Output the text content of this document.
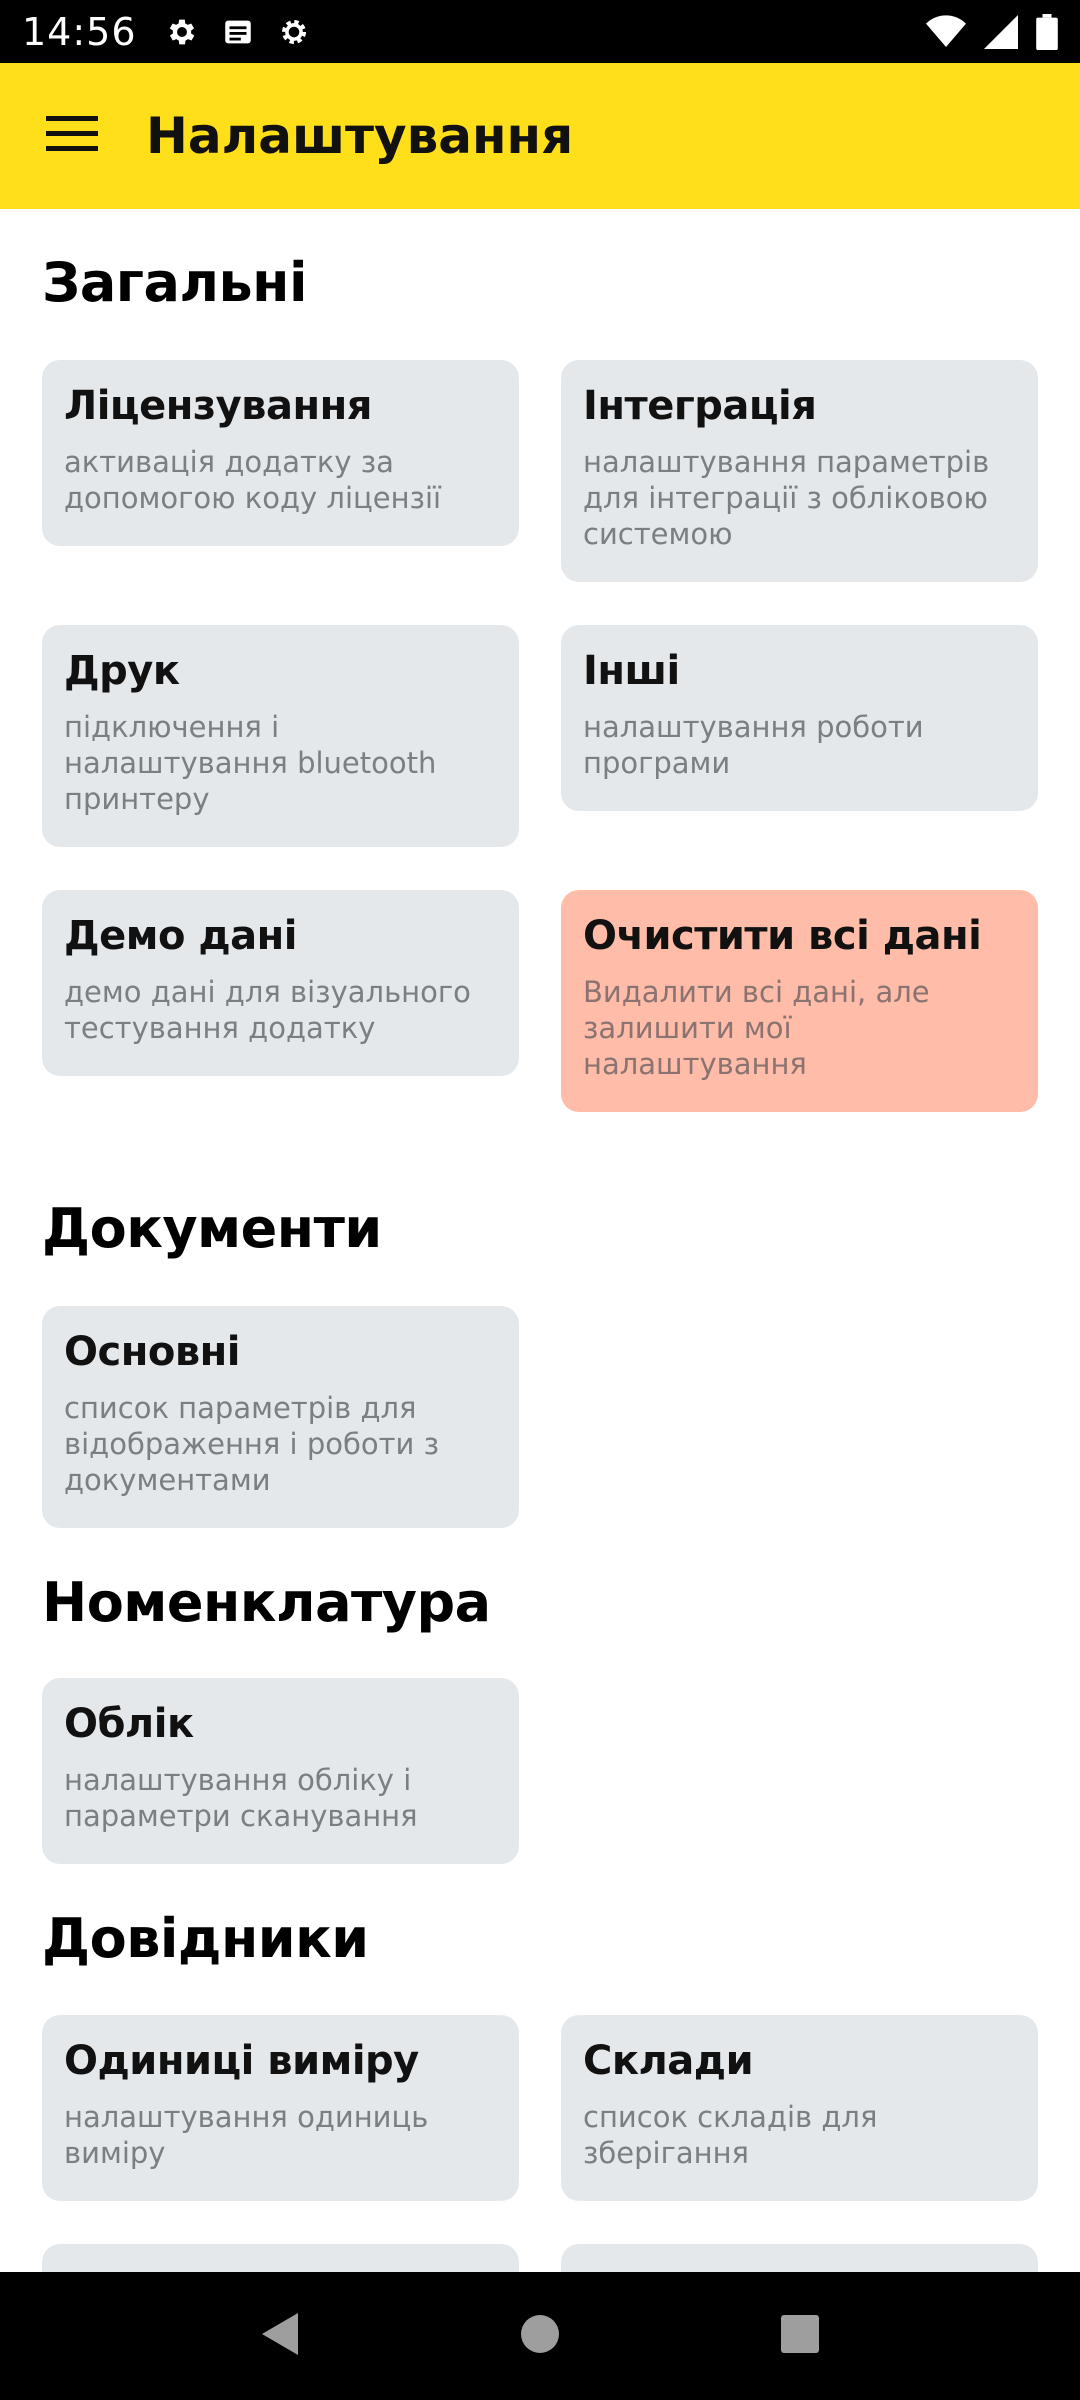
14:56
Налаштування
Загальні
Ліцензування
активація додатку за допомогою коду ліцензії
Інтеграція
налаштування параметрів для інтеграції з обліковою системою
Друк
підключення і налаштування bluetooth принтеру
Інші
налаштування роботи програми
Демо дані
демо дані для візуального тестування додатку
Очистити всі дані
Видалити всі дані, але залишити мої налаштування
Документи
Основні
список параметрів для відображення і роботи з документами
Номенклатура
Облік
налаштування обліку і параметри сканування
Довідники
Одиниці виміру
налаштування одиниць виміру
Склади
список складів для зберігання
